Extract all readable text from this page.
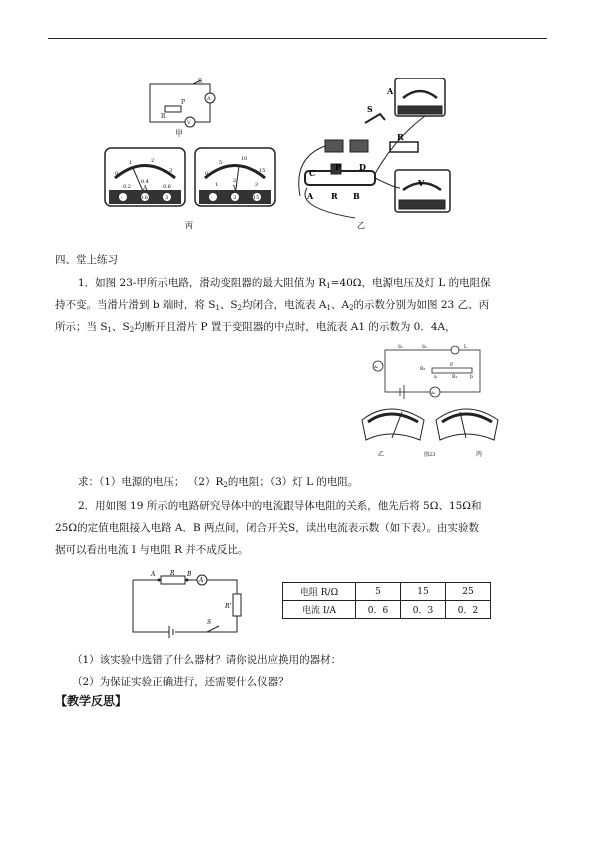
S
P
R
A
V
甲
0
1	2
3
0.2
0.4
0.6
A
-	0.6	3
0
5
10
15
1
2
3
V
-	3	15
丙
A
S
R
C
P D
A R B
V
乙
四、堂上练习
1．如图 23-甲所示电路，滑动变阻器的最大阻值为 $R_1=40\Omega$，电源电压及灯 L 的电阻保
持不变。当滑片滑到 b 端时，将 $S_1$、$S_2$均闭合，电流表 $A_1$、$A_2$的示数分别为如图 23 乙、丙
所示；当 $S_1$、$S_2$均断开且滑片 P 置于变阻器的中点时，电流表 A1 的示数为 0．4A，
S₁	S₂	L
A₁
A₂
R₂
P
a	b
R₁
乙	图23	丙
求：（1）电源的电压； $(2)R_2$的电阻；（3）灯 L 的电阻。
2．用如图 19 所示的电路研究导体中的电流跟导体电阻的关系，他先后将 5Ω、15Ω和
25Ω的定值电阻接入电路 A．B 两点间，闭合开关S，读出电流表示数（如下表）。由实验数
据可以看出电流 I 与电阻 R 并不成反比。
A R B
A
R'
S
电阻 R/Ω	5	15	25
电流 I/A	0．6	0．3	0．2
（1）该实验中选错了什么器材？请你说出应换用的器材：
（2）为保证实验正确进行，还需要什么仪器？
【教学反思】
